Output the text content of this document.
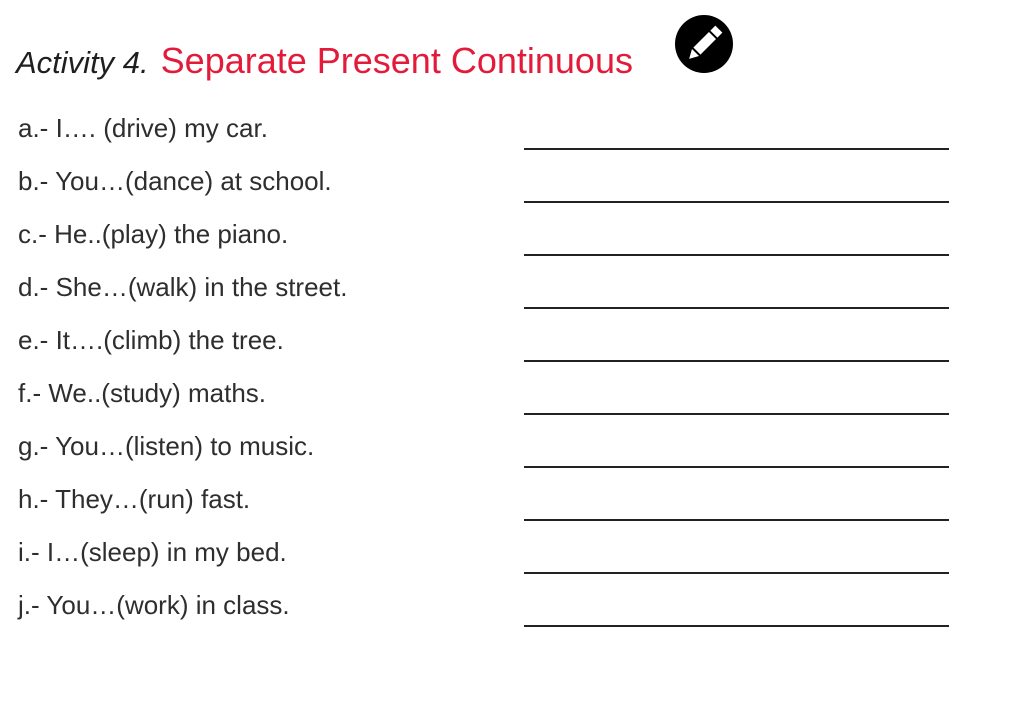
Activity 4. Separate Present Continuous
a.- I…. (drive) my car.
b.- You…(dance) at school.
c.- He..(play) the piano.
d.- She…(walk) in the street.
e.- It….(climb) the tree.
f.- We..(study) maths.
g.- You…(listen) to music.
h.- They…(run) fast.
i.- I…(sleep) in my bed.
j.- You…(work) in class.
